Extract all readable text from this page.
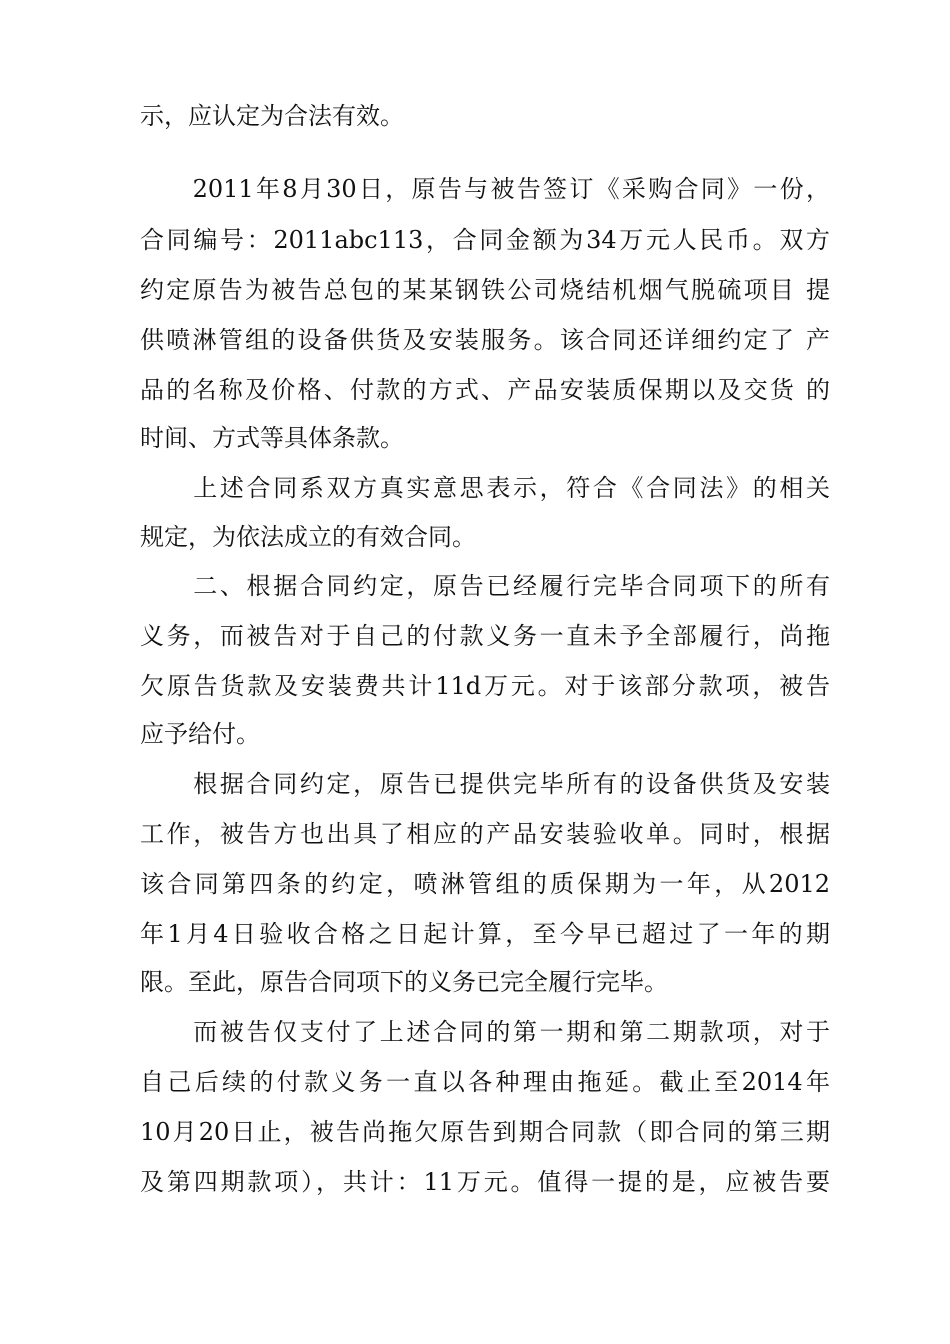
示，应认定为合法有效。
　　2011年8月30日，原告与被告签订《采购合同》一份，
合同编号：2011abc113，合同金额为34万元人民币。双方
约定原告为被告总包的某某钢铁公司烧结机烟气脱硫项目 提
供喷淋管组的设备供货及安装服务。该合同还详细约定了 产
品的名称及价格、付款的方式、产品安装质保期以及交货 的
时间、方式等具体条款。
　　上述合同系双方真实意思表示，符合《合同法》的相关
规定，为依法成立的有效合同。
　　二、根据合同约定，原告已经履行完毕合同项下的所有
义务，而被告对于自己的付款义务一直未予全部履行，尚拖
欠原告货款及安装费共计11d万元。对于该部分款项，被告
应予给付。
　　根据合同约定，原告已提供完毕所有的设备供货及安装
工作，被告方也出具了相应的产品安装验收单。同时，根据
该合同第四条的约定，喷淋管组的质保期为一年，从2012
年1月4日验收合格之日起计算，至今早已超过了一年的期
限。至此，原告合同项下的义务已完全履行完毕。
　　而被告仅支付了上述合同的第一期和第二期款项，对于
自己后续的付款义务一直以各种理由拖延。截止至2014年
10月20日止，被告尚拖欠原告到期合同款（即合同的第三期
及第四期款项），共计：11万元。值得一提的是，应被告要
